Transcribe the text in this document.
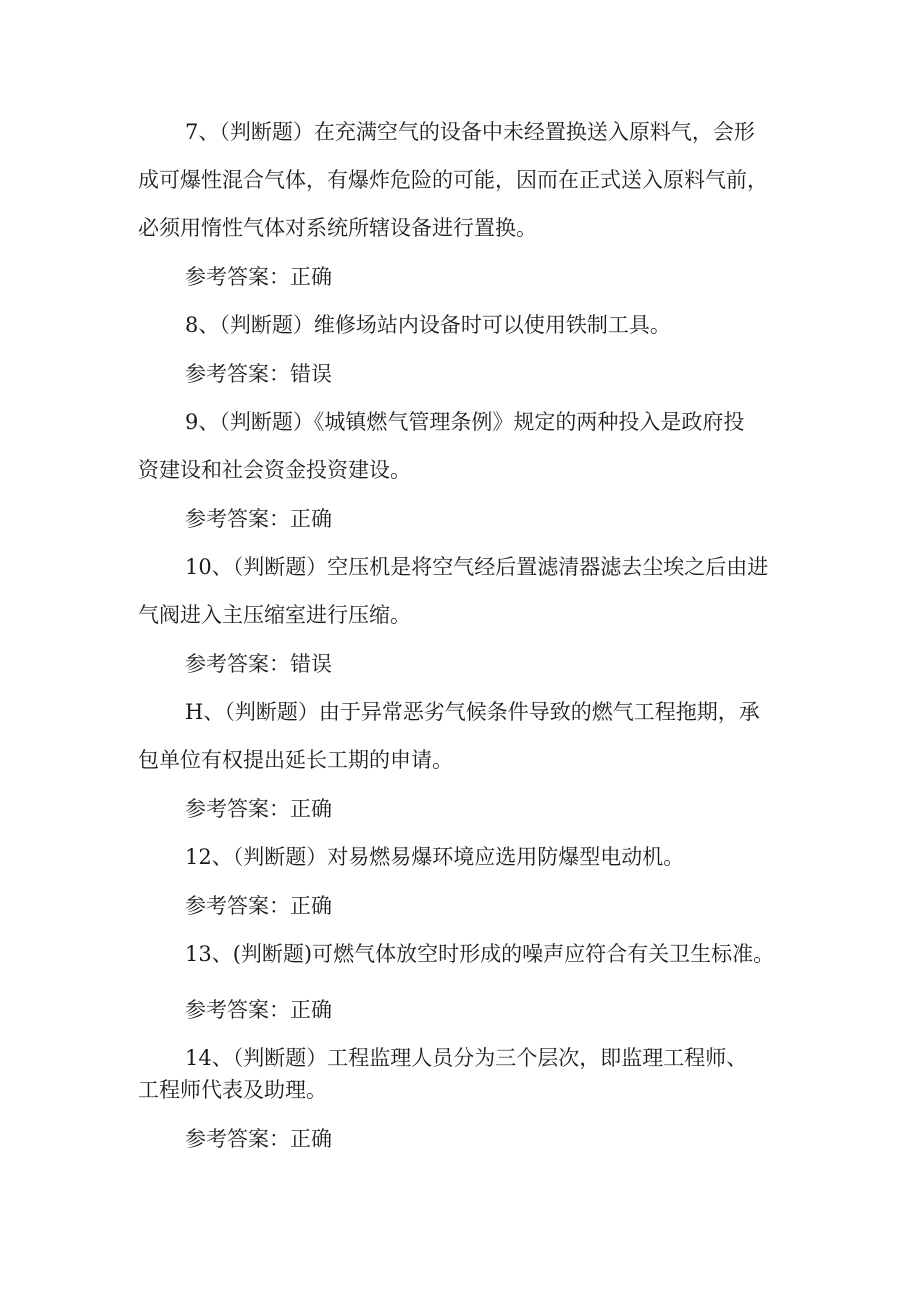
7、（判断题）在充满空气的设备中未经置换送入原料气，会形
成可爆性混合气体，有爆炸危险的可能，因而在正式送入原料气前，
必须用惰性气体对系统所辖设备进行置换。
参考答案：正确
8、（判断题）维修场站内设备时可以使用铁制工具。
参考答案：错误
9、（判断题）《城镇燃气管理条例》规定的两种投入是政府投
资建设和社会资金投资建设。
参考答案：正确
10、（判断题）空压机是将空气经后置滤清器滤去尘埃之后由进
气阀进入主压缩室进行压缩。
参考答案：错误
H、（判断题）由于异常恶劣气候条件导致的燃气工程拖期，承
包单位有权提出延长工期的申请。
参考答案：正确
12、（判断题）对易燃易爆环境应选用防爆型电动机。
参考答案：正确
13、(判断题)可燃气体放空时形成的噪声应符合有关卫生标准。
参考答案：正确
14、（判断题）工程监理人员分为三个层次，即监理工程师、
工程师代表及助理。
参考答案：正确
